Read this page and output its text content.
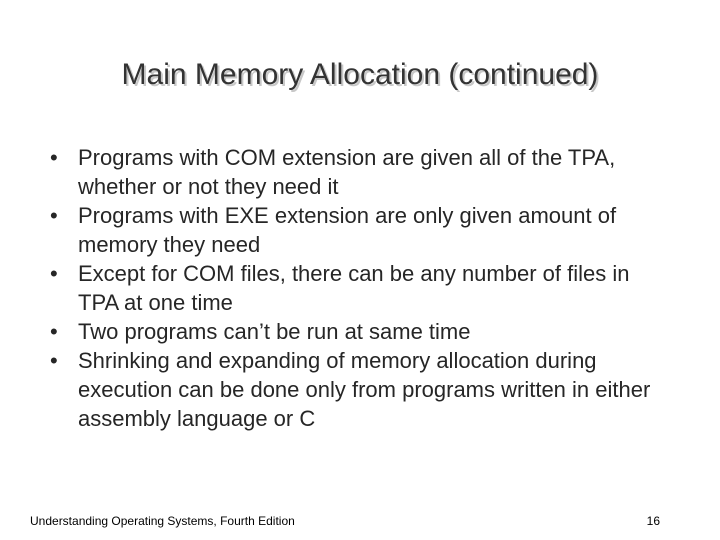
Main Memory Allocation (continued)
• Programs with COM extension are given all of the TPA, whether or not they need it
• Programs with EXE extension are only given amount of memory they need
• Except for COM files, there can be any number of files in TPA at one time
• Two programs can’t be run at same time
• Shrinking and expanding of memory allocation during execution can be done only from programs written in either assembly language or C
Understanding Operating Systems, Fourth Edition	16
